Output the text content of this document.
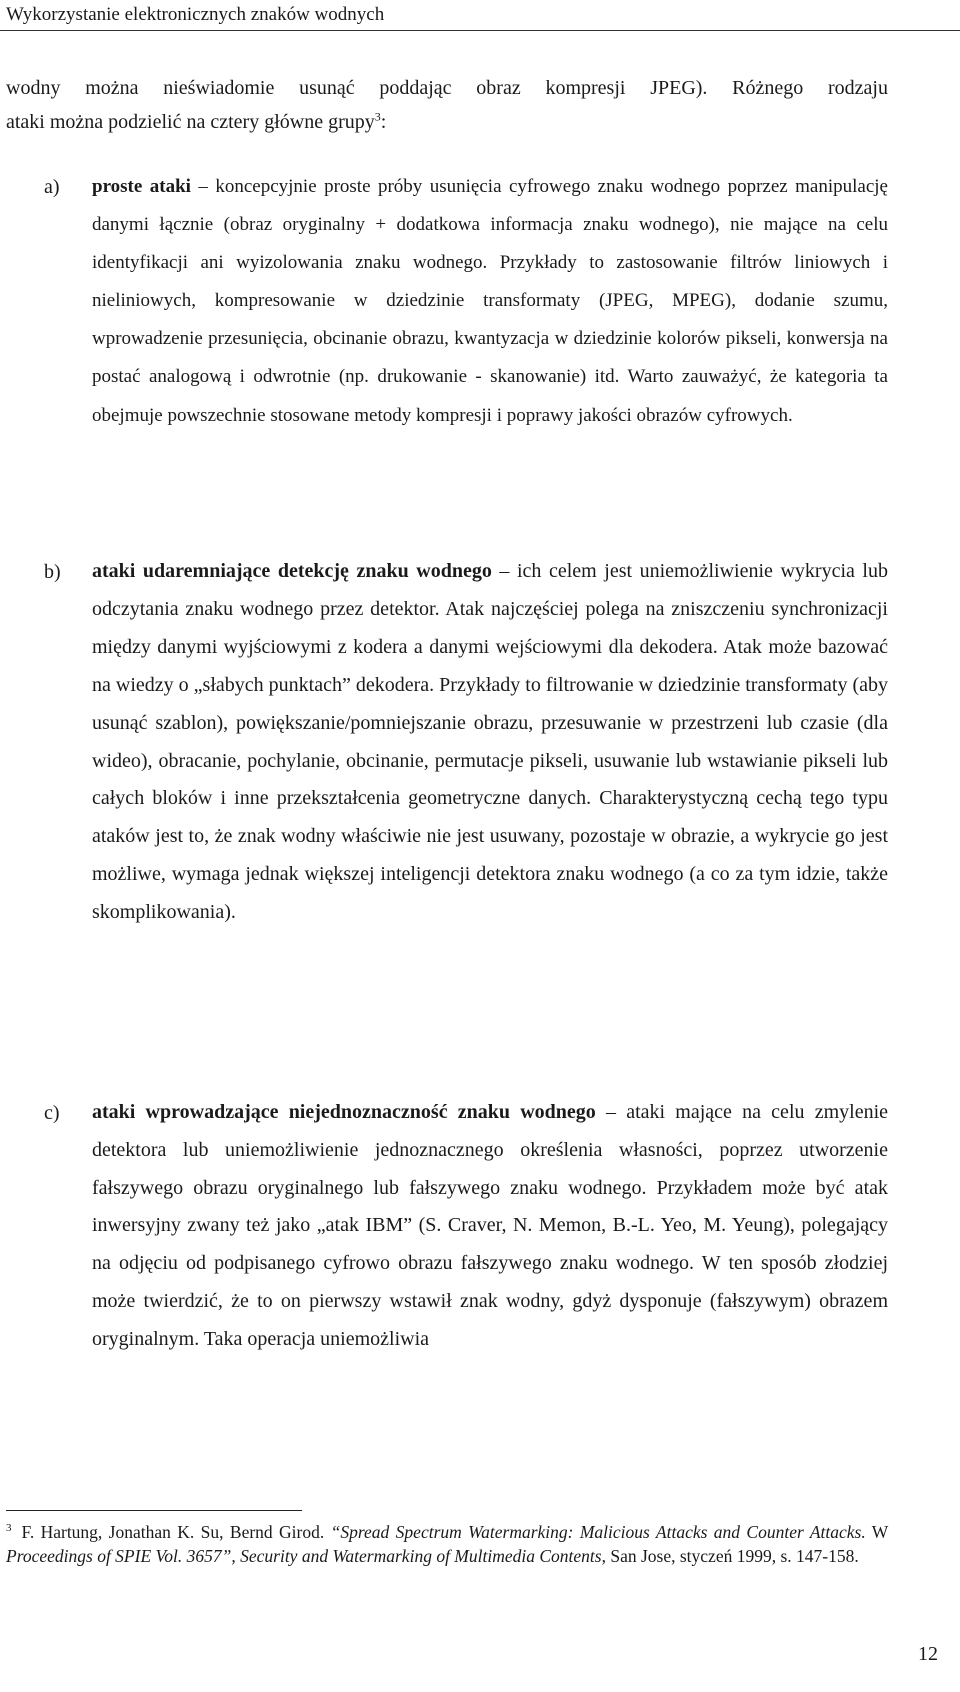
Wykorzystanie elektronicznych znaków wodnych

wodny można nieświadomie usunąć poddając obraz kompresji JPEG). Różnego rodzaju
ataki można podzielić na cztery główne grupy$^3$:

a) proste ataki – koncepcyjnie proste próby usunięcia cyfrowego znaku wodnego poprzez manipulację danymi łącznie (obraz oryginalny + dodatkowa informacja znaku wodnego), nie mające na celu identyfikacji ani wyizolowania znaku wodnego. Przykłady to zastosowanie filtrów liniowych i nieliniowych, kompresowanie w dziedzinie transformaty (JPEG, MPEG), dodanie szumu, wprowadzenie przesunięcia, obcinanie obrazu, kwantyzacja w dziedzinie kolorów pikseli, konwersja na postać analogową i odwrotnie (np. drukowanie - skanowanie) itd. Warto zauważyć, że kategoria ta obejmuje powszechnie stosowane metody kompresji i poprawy jakości obrazów cyfrowych.

b) ataki udaremniające detekcję znaku wodnego – ich celem jest uniemożliwienie wykrycia lub odczytania znaku wodnego przez detektor. Atak najczęściej polega na zniszczeniu synchronizacji między danymi wyjściowymi z kodera a danymi wejściowymi dla dekodera. Atak może bazować na wiedzy o „słabych punktach” dekodera. Przykłady to filtrowanie w dziedzinie transformaty (aby usunąć szablon), powiększanie/pomniejszanie obrazu, przesuwanie w przestrzeni lub czasie (dla wideo), obracanie, pochylanie, obcinanie, permutacje pikseli, usuwanie lub wstawianie pikseli lub całych bloków i inne przekształcenia geometryczne danych. Charakterystyczną cechą tego typu ataków jest to, że znak wodny właściwie nie jest usuwany, pozostaje w obrazie, a wykrycie go jest możliwe, wymaga jednak większej inteligencji detektora znaku wodnego (a co za tym idzie, także skomplikowania).

c) ataki wprowadzające niejednoznaczność znaku wodnego – ataki mające na celu zmylenie detektora lub uniemożliwienie jednoznacznego określenia własności, poprzez utworzenie fałszywego obrazu oryginalnego lub fałszywego znaku wodnego. Przykładem może być atak inwersyjny zwany też jako „atak IBM” (S. Craver, N. Memon, B.-L. Yeo, M. Yeung), polegający na odjęciu od podpisanego cyfrowo obrazu fałszywego znaku wodnego. W ten sposób złodziej może twierdzić, że to on pierwszy wstawił znak wodny, gdyż dysponuje (fałszywym) obrazem oryginalnym. Taka operacja uniemożliwia

$^3$ F. Hartung, Jonathan K. Su, Bernd Girod. “Spread Spectrum Watermarking: Malicious Attacks and Counter Attacks. W Proceedings of SPIE Vol. 3657”, Security and Watermarking of Multimedia Contents, San Jose, styczeń 1999, s. 147-158.

12
